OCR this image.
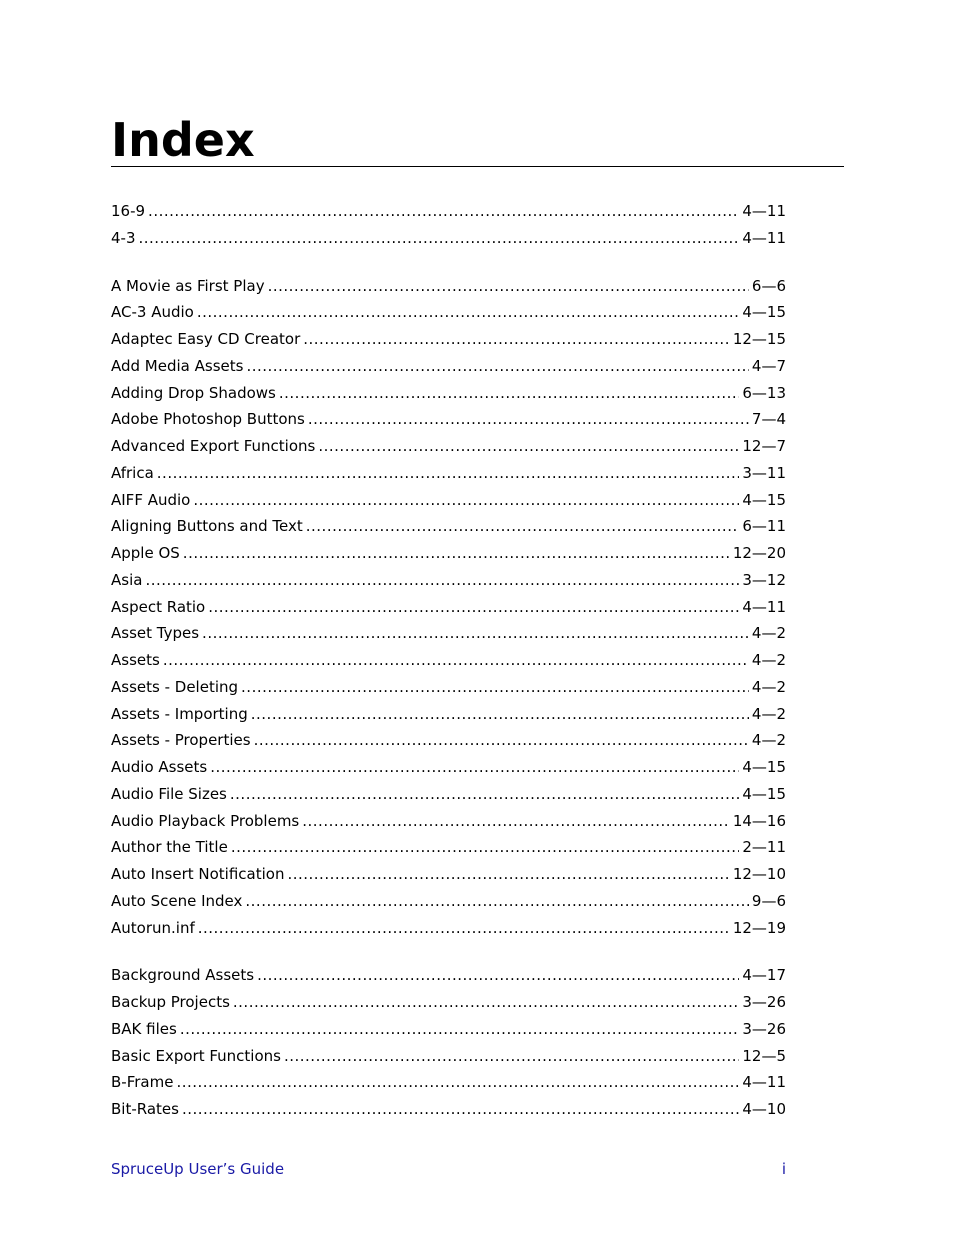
Index
16-9 .....	4—11
4-3 .....	4—11
A Movie as First Play .....	6—6
AC-3 Audio .....	4—15
Adaptec Easy CD Creator .....	12—15
Add Media Assets .....	4—7
Adding Drop Shadows .....	6—13
Adobe Photoshop Buttons .....	7—4
Advanced Export Functions .....	12—7
Africa .....	3—11
AIFF Audio .....	4—15
Aligning Buttons and Text .....	6—11
Apple OS .....	12—20
Asia .....	3—12
Aspect Ratio .....	4—11
Asset Types .....	4—2
Assets .....	4—2
Assets - Deleting .....	4—2
Assets - Importing .....	4—2
Assets - Properties .....	4—2
Audio Assets .....	4—15
Audio File Sizes .....	4—15
Audio Playback Problems .....	14—16
Author the Title .....	2—11
Auto Insert Notification .....	12—10
Auto Scene Index .....	9—6
Autorun.inf .....	12—19
Background Assets .....	4—17
Backup Projects .....	3—26
BAK files .....	3—26
Basic Export Functions .....	12—5
B-Frame .....	4—11
Bit-Rates .....	4—10
SpruceUp User’s Guide	i
